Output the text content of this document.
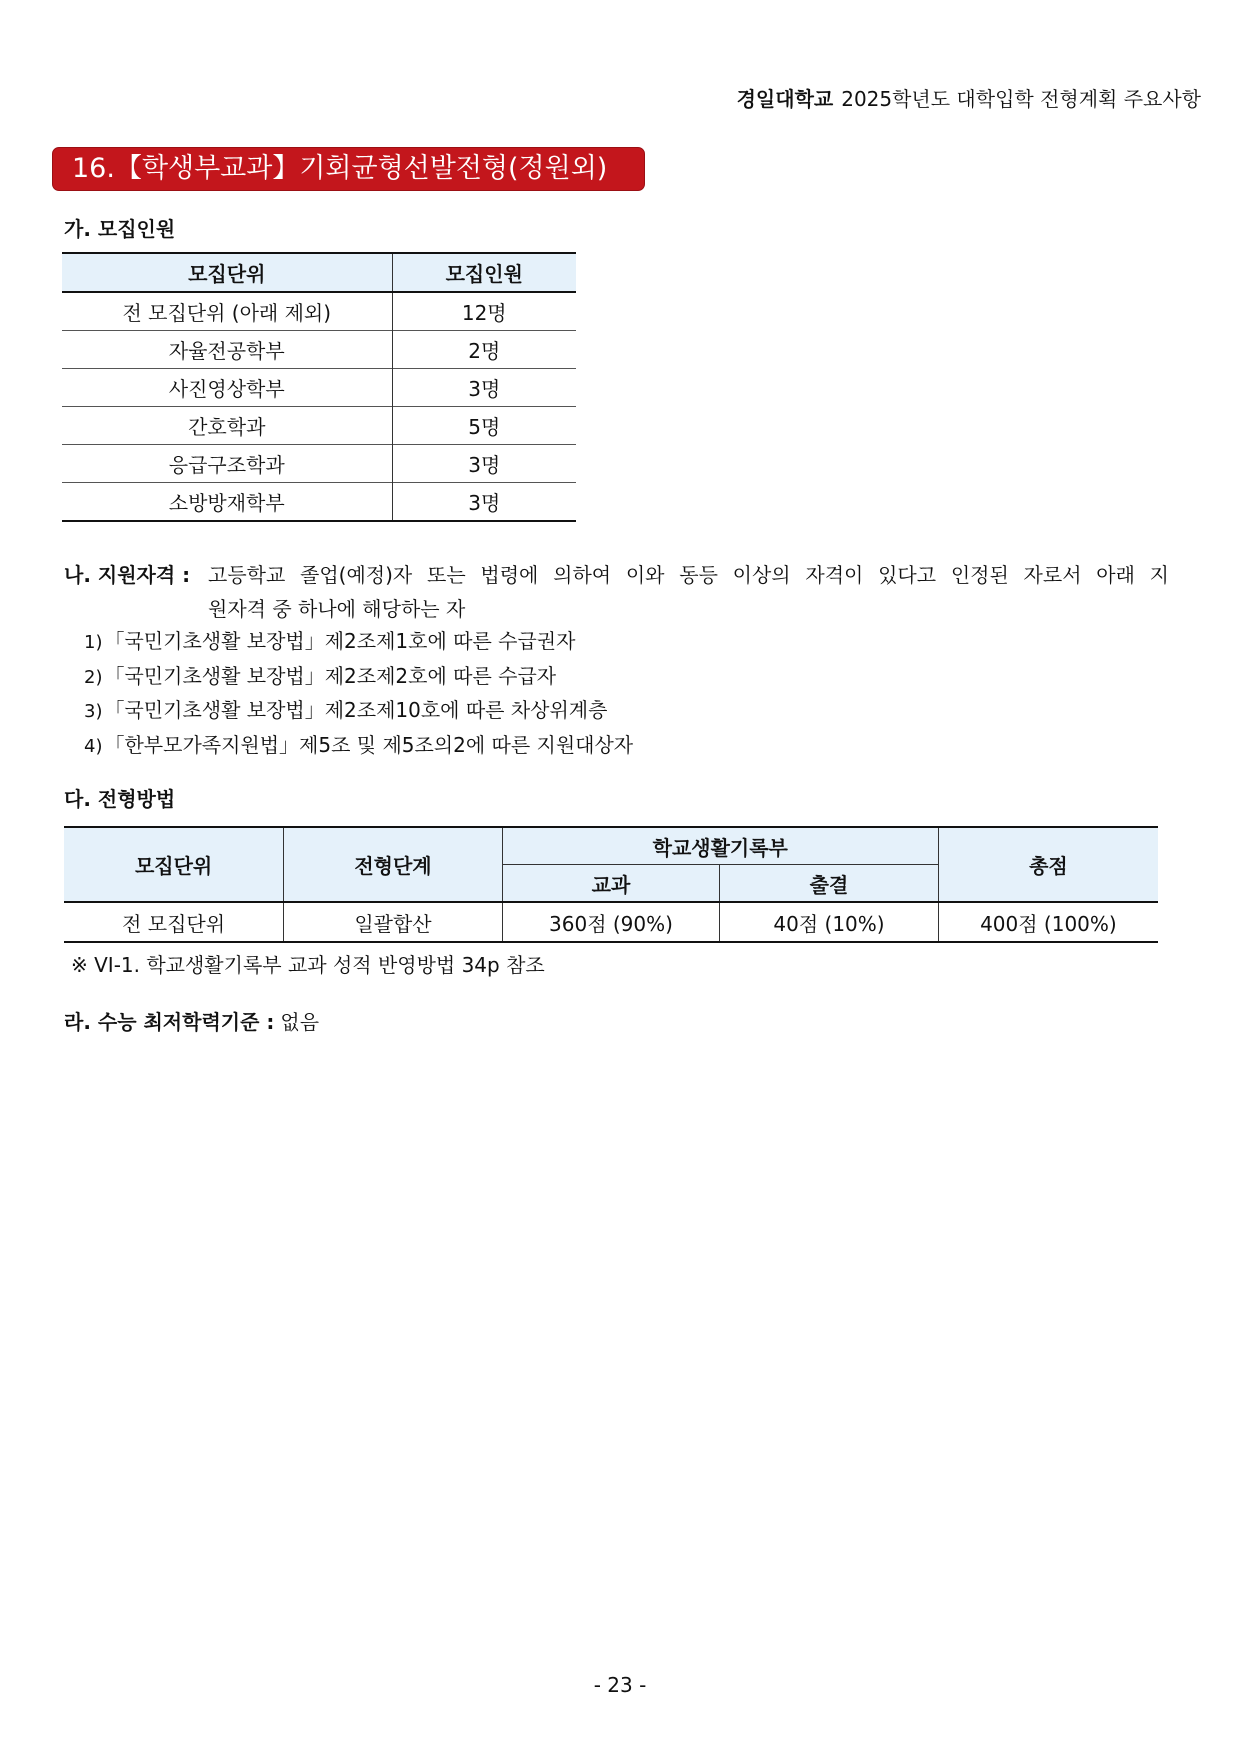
경일대학교 2025학년도 대학입학 전형계획 주요사항
16.【학생부교과】기회균형선발전형(정원외)
가. 모집인원
모집단위	모집인원
전 모집단위 (아래 제외)	12명
자율전공학부	2명
사진영상학부	3명
간호학과	5명
응급구조학과	3명
소방방재학부	3명
나. 지원자격 : 고등학교 졸업(예정)자 또는 법령에 의하여 이와 동등 이상의 자격이 있다고 인정된 자로서 아래 지
원자격 중 하나에 해당하는 자
1) 「국민기초생활 보장법」제2조제1호에 따른 수급권자
2) 「국민기초생활 보장법」제2조제2호에 따른 수급자
3) 「국민기초생활 보장법」제2조제10호에 따른 차상위계층
4) 「한부모가족지원법」제5조 및 제5조의2에 따른 지원대상자
다. 전형방법
모집단위	전형단계	학교생활기록부		총점
		교과	출결	
전 모집단위	일괄합산	360점 (90%)	40점 (10%)	400점 (100%)
※ VI-1. 학교생활기록부 교과 성적 반영방법 34p 참조
라. 수능 최저학력기준 : 없음
- 23 -
